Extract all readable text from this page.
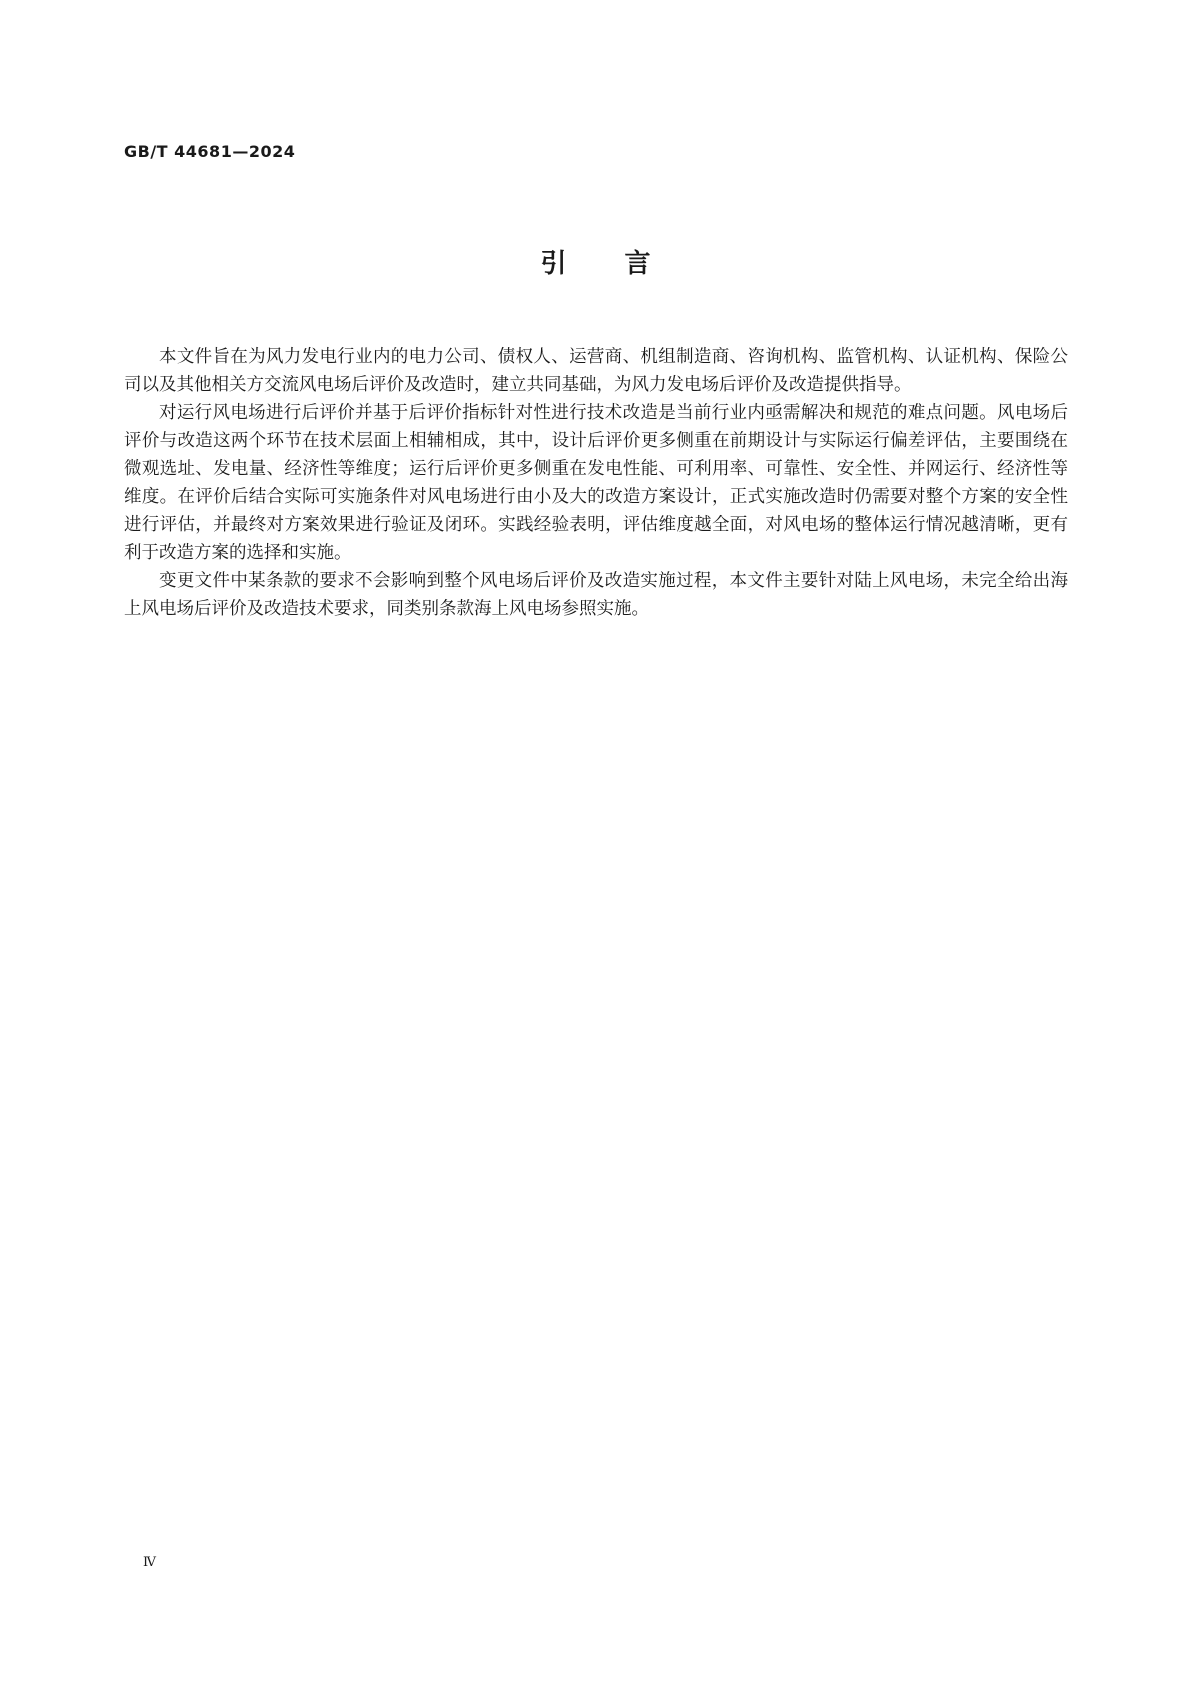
GB/T 44681—2024

引言

本文件旨在为风力发电行业内的电力公司、债权人、运营商、机组制造商、咨询机构、监管机构、认证机构、保险公司以及其他相关方交流风电场后评价及改造时，建立共同基础，为风力发电场后评价及改造提供指导。

对运行风电场进行后评价并基于后评价指标针对性进行技术改造是当前行业内亟需解决和规范的难点问题。风电场后评价与改造这两个环节在技术层面上相辅相成，其中，设计后评价更多侧重在前期设计与实际运行偏差评估，主要围绕在微观选址、发电量、经济性等维度；运行后评价更多侧重在发电性能、可利用率、可靠性、安全性、并网运行、经济性等维度。在评价后结合实际可实施条件对风电场进行由小及大的改造方案设计，正式实施改造时仍需要对整个方案的安全性进行评估，并最终对方案效果进行验证及闭环。实践经验表明，评估维度越全面，对风电场的整体运行情况越清晰，更有利于改造方案的选择和实施。

变更文件中某条款的要求不会影响到整个风电场后评价及改造实施过程，本文件主要针对陆上风电场，未完全给出海上风电场后评价及改造技术要求，同类别条款海上风电场参照实施。

Ⅳ
